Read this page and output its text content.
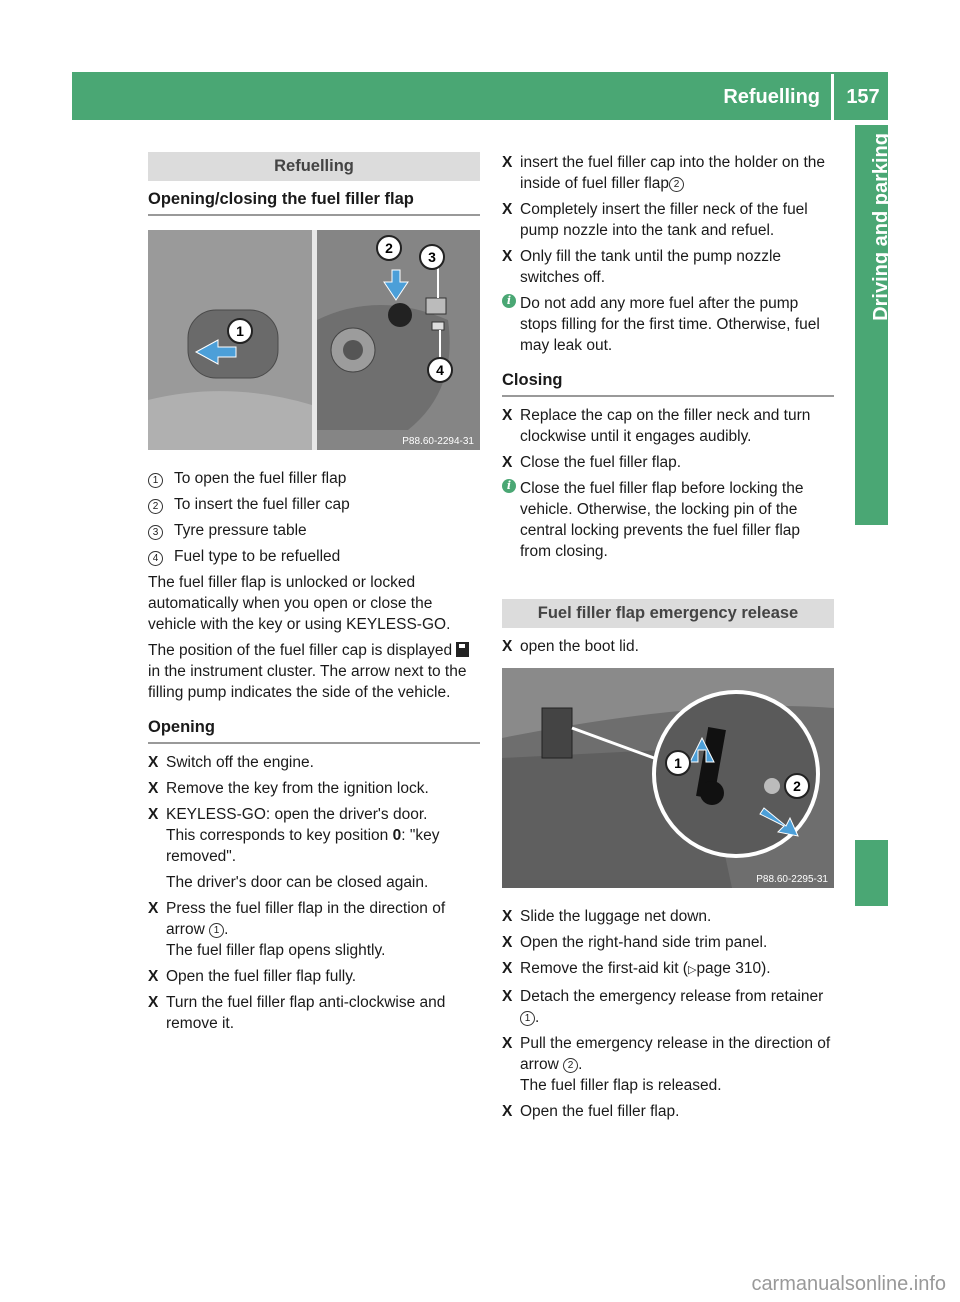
Refuelling	157
Driving and parking
Refuelling
Opening/closing the fuel filler flap
1
2
3
4
P88.60-2294-31
1	To open the fuel filler flap
2	To insert the fuel filler cap
3	Tyre pressure table
4	Fuel type to be refuelled

The fuel filler flap is unlocked or locked automatically when you open or close the vehicle with the key or using KEYLESS-GO.

The position of the fuel filler cap is displayed
in the instrument cluster. The arrow next to the filling pump indicates the side of the vehicle.

Opening
X Switch off the engine.
X Remove the key from the ignition lock.
X KEYLESS-GO: open the driver's door.
This corresponds to key position 0: "key removed".
The driver's door can be closed again.
X Press the fuel filler flap in the direction of arrow 1 .
The fuel filler flap opens slightly.
X Open the fuel filler flap fully.
X Turn the fuel filler flap anti-clockwise and remove it.
X insert the fuel filler cap into the holder on the inside of fuel filler flap 2
X Completely insert the filler neck of the fuel pump nozzle into the tank and refuel.
X Only fill the tank until the pump nozzle switches off.
i Do not add any more fuel after the pump stops filling for the first time. Otherwise, fuel may leak out.
Closing
X Replace the cap on the filler neck and turn clockwise until it engages audibly.
X Close the fuel filler flap.
i Close the fuel filler flap before locking the vehicle. Otherwise, the locking pin of the central locking prevents the fuel filler flap from closing.
Fuel filler flap emergency release
X open the boot lid.
1
2
P88.60-2295-31
X Slide the luggage net down.
X Open the right-hand side trim panel.
X Remove the first-aid kit (▷page 310).
X Detach the emergency release from retainer 1 .
X Pull the emergency release in the direction of arrow 2 .
The fuel filler flap is released.
X Open the fuel filler flap.
carmanualsonline.info
